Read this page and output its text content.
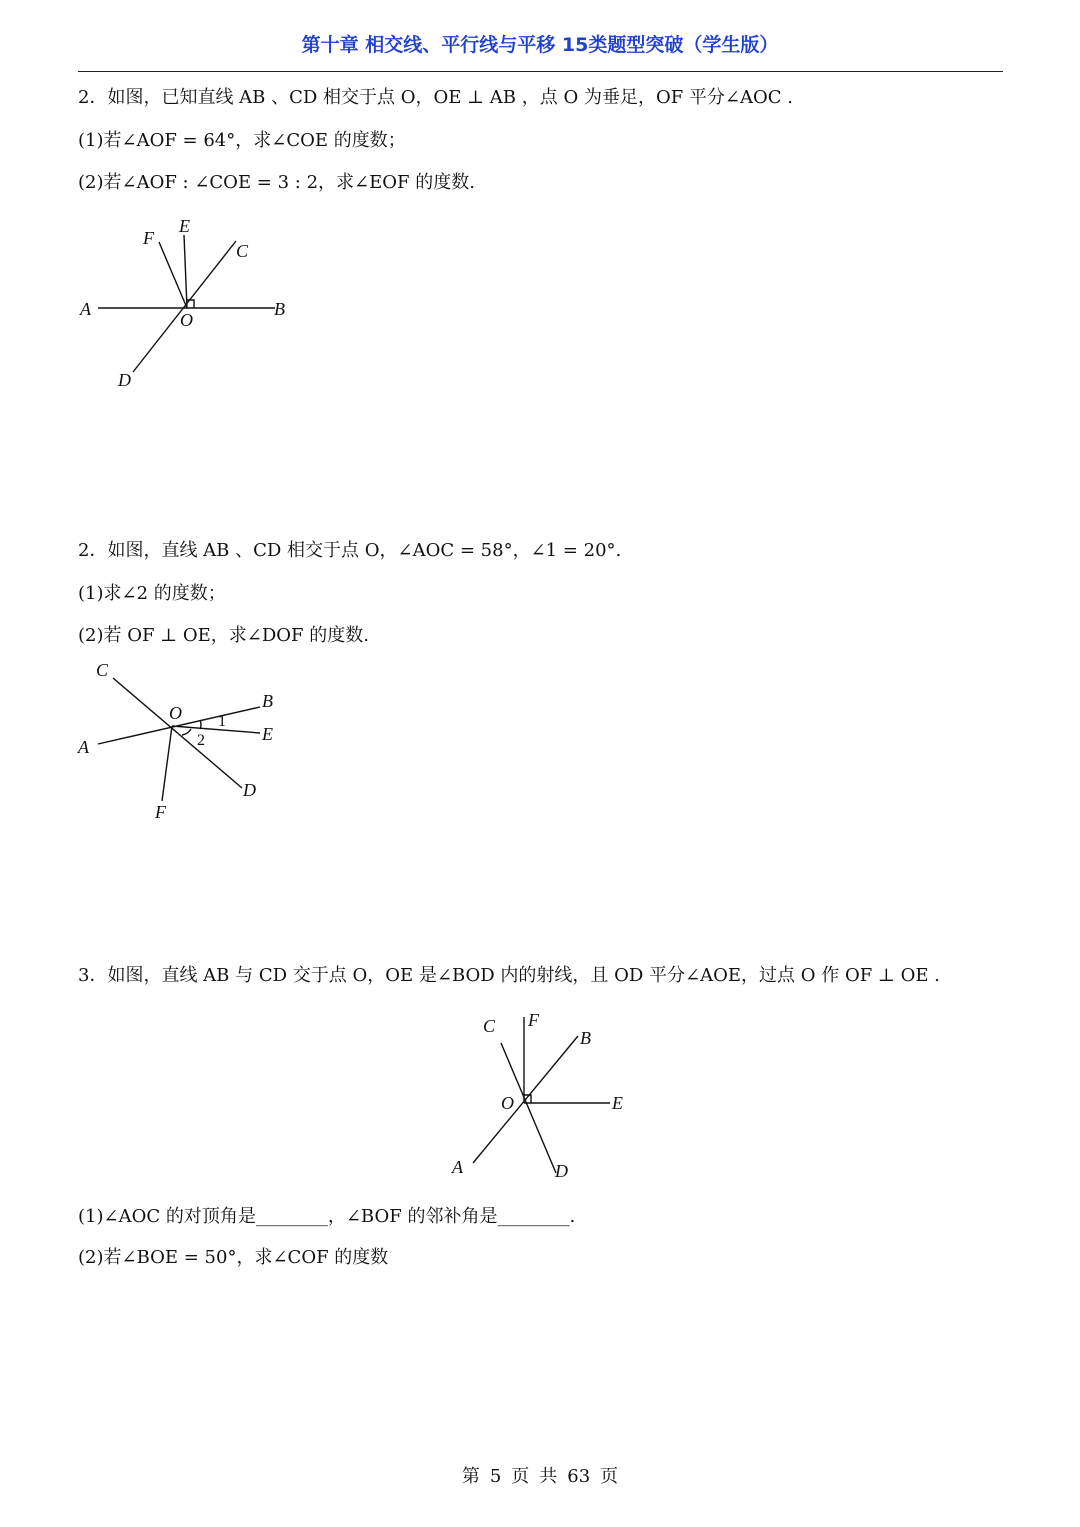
第十章 相交线、平行线与平移 15类题型突破（学生版）
2．如图，已知直线 AB 、CD 相交于点 O，OE ⊥ AB ，点 O 为垂足，OF 平分∠AOC .
(1)若∠AOF = 64°，求∠COE 的度数；
(2)若∠AOF : ∠COE = 3 : 2，求∠EOF 的度数.
A	B
C
D
E
F
O
2．如图，直线 AB 、CD 相交于点 O，∠AOC = 58°，∠1 = 20°.
(1)求∠2 的度数；
(2)若 OF ⊥ OE，求∠DOF 的度数.
A
B
C
D
E
F
O 1
2
3．如图，直线 AB 与 CD 交于点 O，OE 是∠BOD 内的射线，且 OD 平分∠AOE，过点 O 作 OF ⊥ OE .
A
B
C
D
E
F
O
(1)∠AOC 的对顶角是________，∠BOF 的邻补角是________.
(2)若∠BOE = 50°，求∠COF 的度数
第 5 页 共 63 页
